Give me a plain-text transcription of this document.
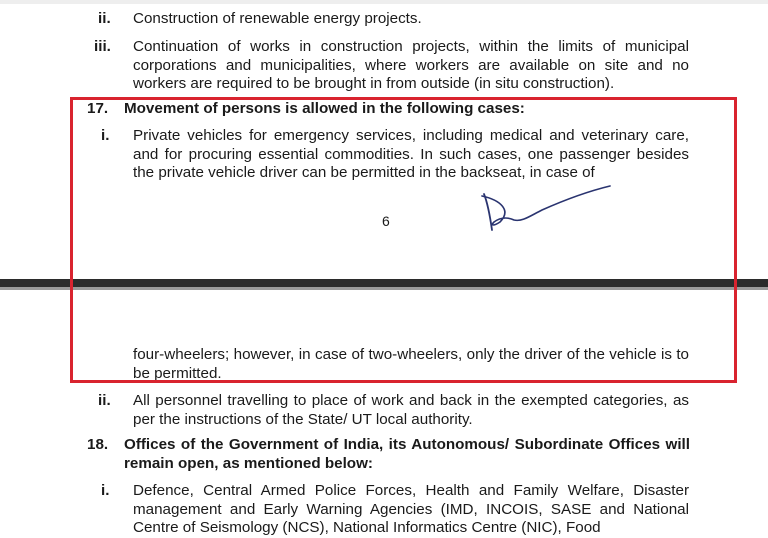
ii. Construction of renewable energy projects.
iii. Continuation of works in construction projects, within the limits of municipal corporations and municipalities, where workers are available on site and no workers are required to be brought in from outside (in situ construction).
17. Movement of persons is allowed in the following cases:
i. Private vehicles for emergency services, including medical and veterinary care, and for procuring essential commodities. In such cases, one passenger besides the private vehicle driver can be permitted in the backseat, in case of
6
four-wheelers; however, in case of two-wheelers, only the driver of the vehicle is to be permitted.
ii. All personnel travelling to place of work and back in the exempted categories, as per the instructions of the State/ UT local authority.
18. Offices of the Government of India, its Autonomous/ Subordinate Offices will remain open, as mentioned below:
i. Defence, Central Armed Police Forces, Health and Family Welfare, Disaster management and Early Warning Agencies (IMD, INCOIS, SASE and National Centre of Seismology (NCS), National Informatics Centre (NIC), Food
